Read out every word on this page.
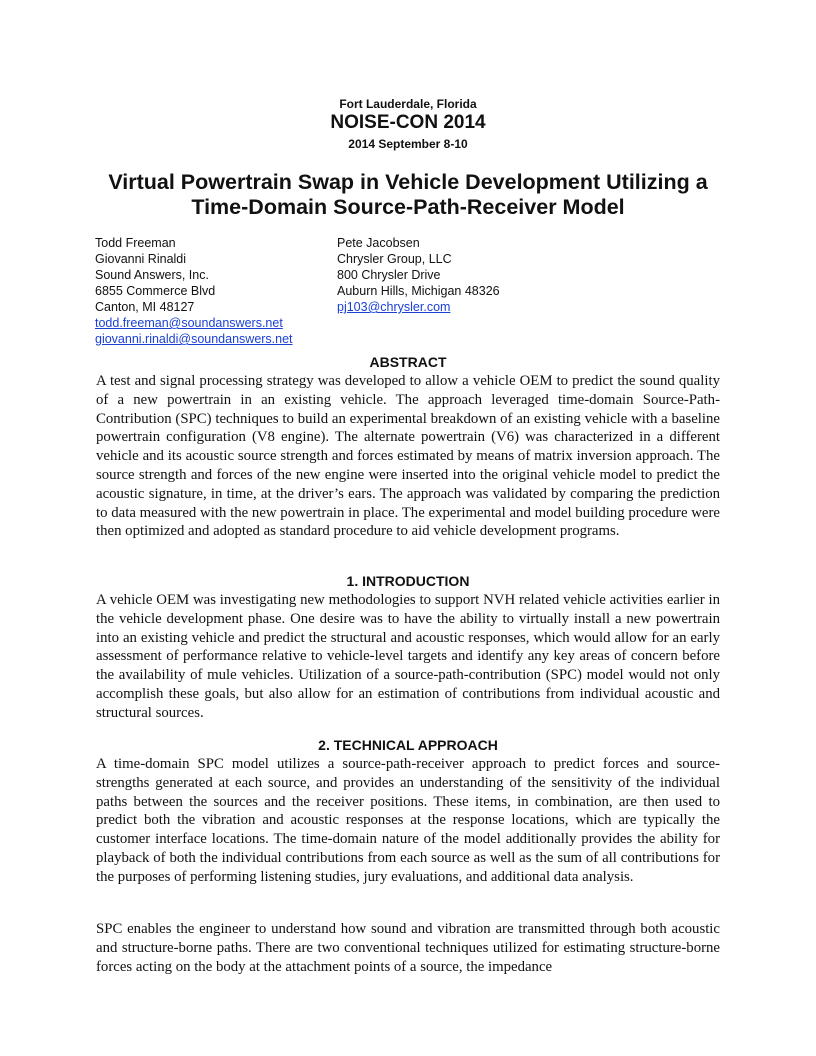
Fort Lauderdale, Florida
NOISE-CON 2014
2014 September 8-10
Virtual Powertrain Swap in Vehicle Development Utilizing a
Time-Domain Source-Path-Receiver Model
Todd Freeman
Giovanni Rinaldi
Sound Answers, Inc.
6855 Commerce Blvd
Canton, MI 48127
todd.freeman@soundanswers.net
giovanni.rinaldi@soundanswers.net
Pete Jacobsen
Chrysler Group, LLC
800 Chrysler Drive
Auburn Hills, Michigan 48326
pj103@chrysler.com
ABSTRACT
A test and signal processing strategy was developed to allow a vehicle OEM to predict the sound quality of a new powertrain in an existing vehicle. The approach leveraged time-domain Source-Path-Contribution (SPC) techniques to build an experimental breakdown of an existing vehicle with a baseline powertrain configuration (V8 engine). The alternate powertrain (V6) was characterized in a different vehicle and its acoustic source strength and forces estimated by means of matrix inversion approach. The source strength and forces of the new engine were inserted into the original vehicle model to predict the acoustic signature, in time, at the driver’s ears. The approach was validated by comparing the prediction to data measured with the new powertrain in place. The experimental and model building procedure were then optimized and adopted as standard procedure to aid vehicle development programs.
1. INTRODUCTION
A vehicle OEM was investigating new methodologies to support NVH related vehicle activities earlier in the vehicle development phase. One desire was to have the ability to virtually install a new powertrain into an existing vehicle and predict the structural and acoustic responses, which would allow for an early assessment of performance relative to vehicle-level targets and identify any key areas of concern before the availability of mule vehicles. Utilization of a source-path-contribution (SPC) model would not only accomplish these goals, but also allow for an estimation of contributions from individual acoustic and structural sources.
2. TECHNICAL APPROACH
A time-domain SPC model utilizes a source-path-receiver approach to predict forces and source-strengths generated at each source, and provides an understanding of the sensitivity of the individual paths between the sources and the receiver positions. These items, in combination, are then used to predict both the vibration and acoustic responses at the response locations, which are typically the customer interface locations. The time-domain nature of the model additionally provides the ability for playback of both the individual contributions from each source as well as the sum of all contributions for the purposes of performing listening studies, jury evaluations, and additional data analysis.
SPC enables the engineer to understand how sound and vibration are transmitted through both acoustic and structure-borne paths. There are two conventional techniques utilized for estimating structure-borne forces acting on the body at the attachment points of a source, the impedance
